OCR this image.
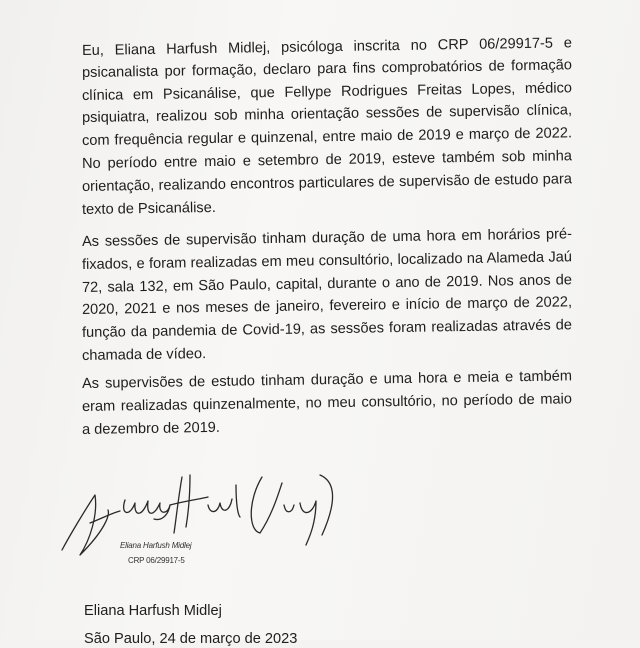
Eu, Eliana Harfush Midlej, psicóloga inscrita no CRP 06/29917-5 e
psicanalista por formação, declaro para fins comprobatórios de formação
clínica em Psicanálise, que Fellype Rodrigues Freitas Lopes, médico
psiquiatra, realizou sob minha orientação sessões de supervisão clínica,
com frequência regular e quinzenal, entre maio de 2019 e março de 2022.
No período entre maio e setembro de 2019, esteve também sob minha
orientação, realizando encontros particulares de supervisão de estudo para
texto de Psicanálise.
As sessões de supervisão tinham duração de uma hora em horários pré-
fixados, e foram realizadas em meu consultório, localizado na Alameda Jaú
72, sala 132, em São Paulo, capital, durante o ano de 2019. Nos anos de
2020, 2021 e nos meses de janeiro, fevereiro e início de março de 2022,
função da pandemia de Covid-19, as sessões foram realizadas através de
chamada de vídeo.
As supervisões de estudo tinham duração e uma hora e meia e também
eram realizadas quinzenalmente, no meu consultório, no período de maio
a dezembro de 2019.
Eliana Harfush Midlej
CRP 06/29917-5
Eliana Harfush Midlej
São Paulo, 24 de março de 2023
